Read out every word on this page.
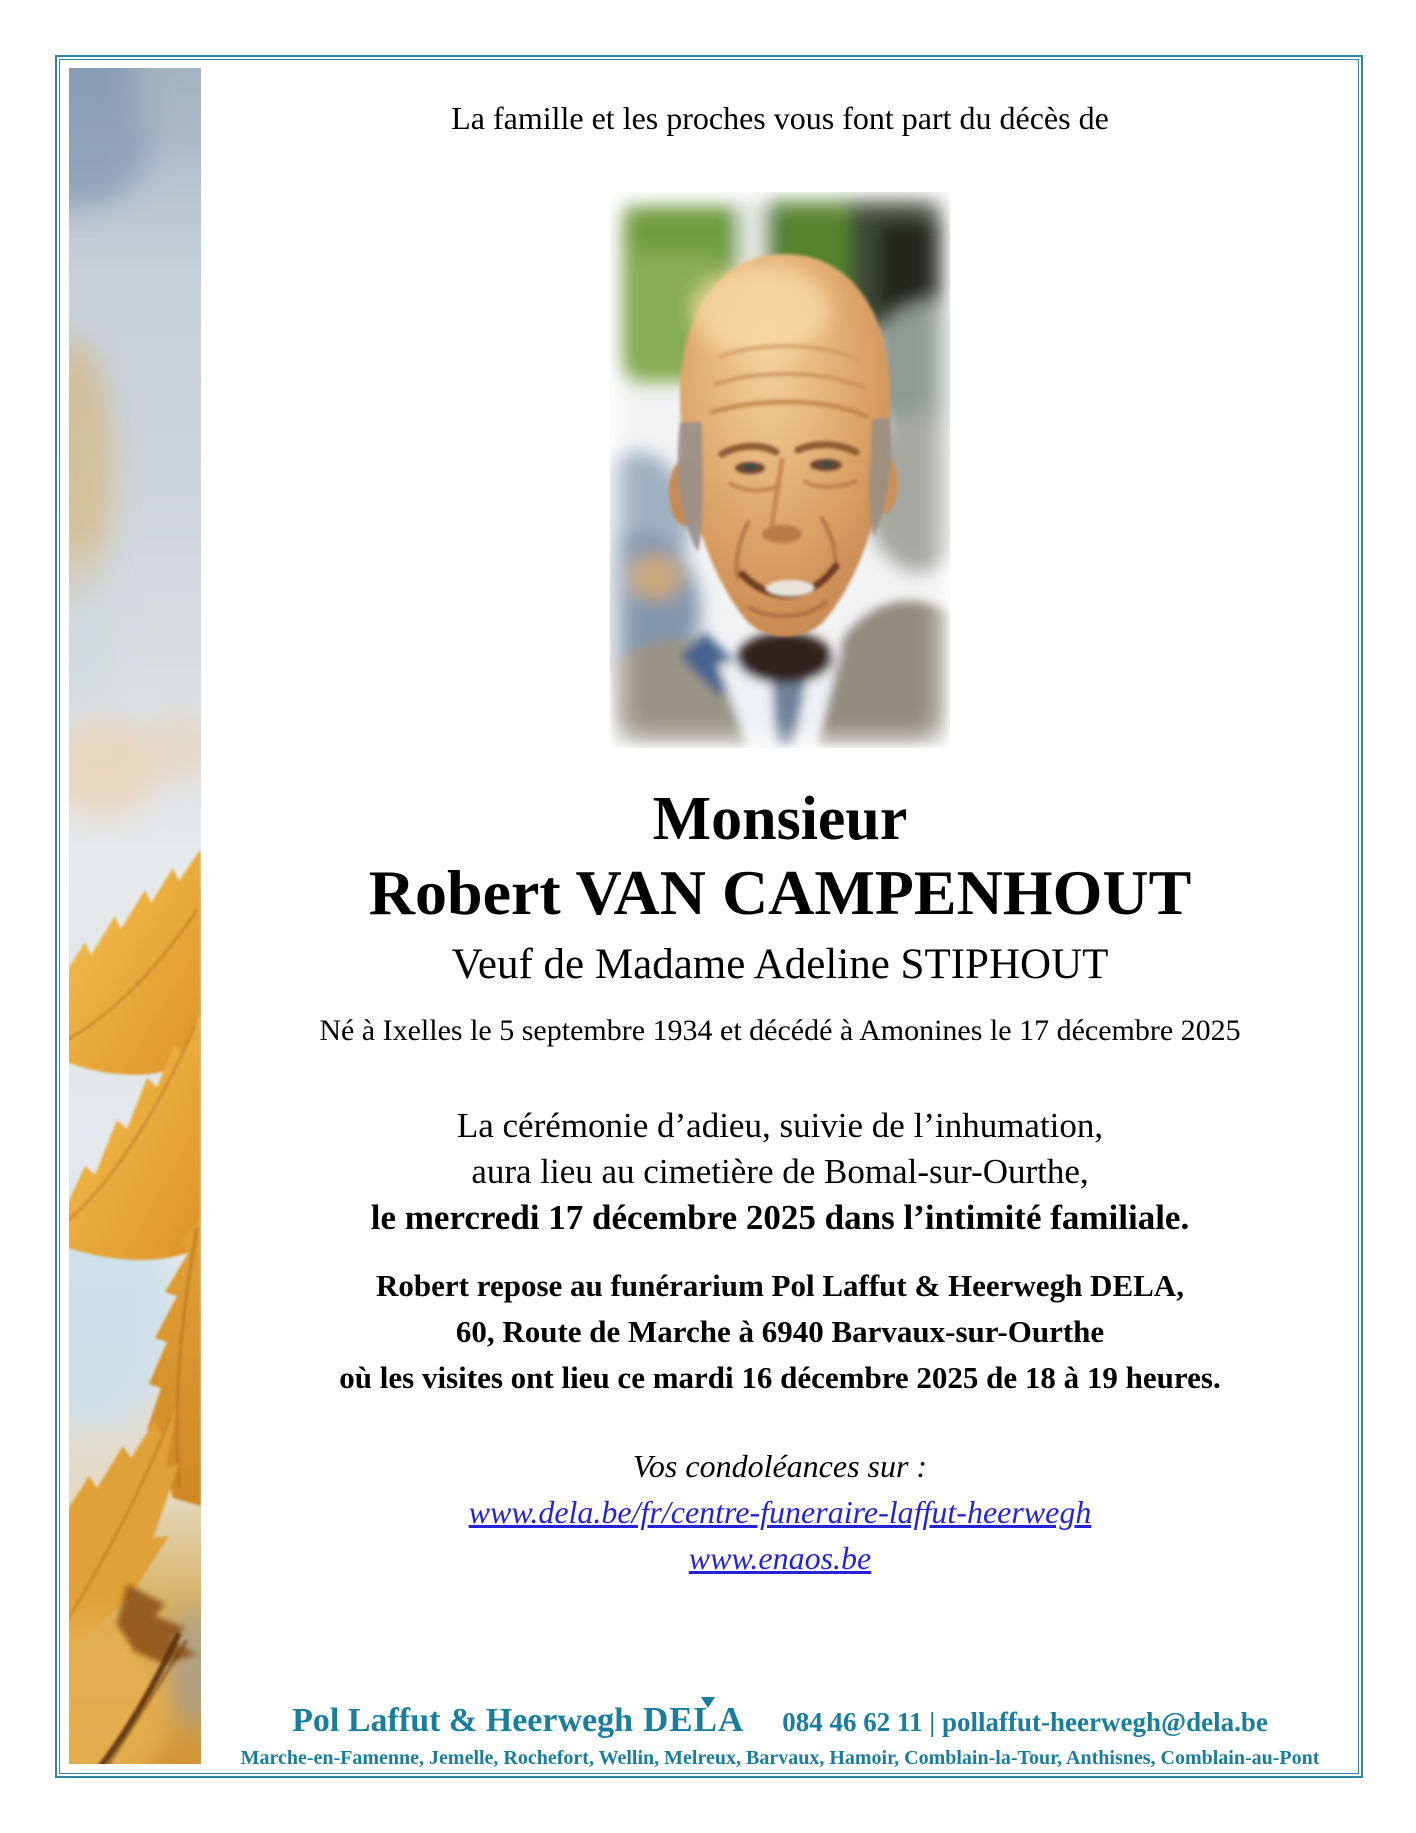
La famille et les proches vous font part du décès de
Monsieur
Robert VAN CAMPENHOUT
Veuf de Madame Adeline STIPHOUT
Né à Ixelles le 5 septembre 1934 et décédé à Amonines le 17 décembre 2025
La cérémonie d’adieu, suivie de l’inhumation,
aura lieu au cimetière de Bomal-sur-Ourthe,
le mercredi 17 décembre 2025 dans l’intimité familiale.
Robert repose au funérarium Pol Laffut & Heerwegh DELA,
60, Route de Marche à 6940 Barvaux-sur-Ourthe
où les visites ont lieu ce mardi 16 décembre 2025 de 18 à 19 heures.
Vos condoléances sur :
www.dela.be/fr/centre-funeraire-laffut-heerwegh
www.enaos.be
Pol Laffut & Heerwegh DELA 084 46 62 11 | pollaffut-heerwegh@dela.be
Marche-en-Famenne, Jemelle, Rochefort, Wellin, Melreux, Barvaux, Hamoir, Comblain-la-Tour, Anthisnes, Comblain-au-Pont
